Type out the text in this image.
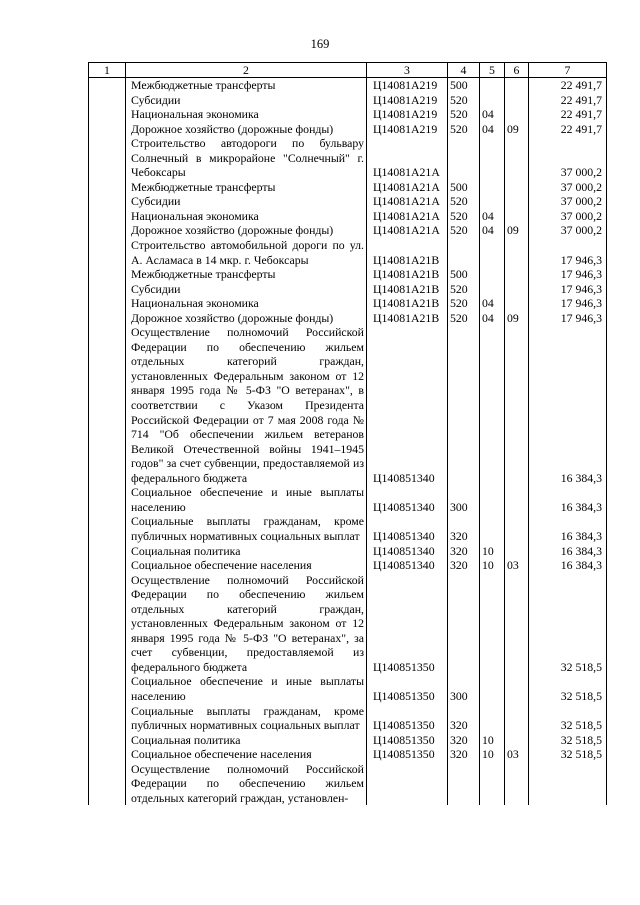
169
1	2	3	4	5	6	7
	Межбюджетные трансферты	Ц14081А219	500			22 491,7
	Субсидии	Ц14081А219	520			22 491,7
	Национальная экономика	Ц14081А219	520	04		22 491,7
	Дорожное хозяйство (дорожные фонды)	Ц14081А219	520	04	09	22 491,7
	Строительство автодороги по бульвару Солнечный в микрорайоне "Солнечный" г. Чебоксары	Ц14081А21А				37 000,2
	Межбюджетные трансферты	Ц14081А21А	500			37 000,2
	Субсидии	Ц14081А21А	520			37 000,2
	Национальная экономика	Ц14081А21А	520	04		37 000,2
	Дорожное хозяйство (дорожные фонды)	Ц14081А21А	520	04	09	37 000,2
	Строительство автомобильной дороги по ул. А. Асламаса в 14 мкр. г. Чебоксары	Ц14081А21В				17 946,3
	Межбюджетные трансферты	Ц14081А21В	500			17 946,3
	Субсидии	Ц14081А21В	520			17 946,3
	Национальная экономика	Ц14081А21В	520	04		17 946,3
	Дорожное хозяйство (дорожные фонды)	Ц14081А21В	520	04	09	17 946,3
	Осуществление полномочий Российской Федерации по обеспечению жильем отдельных категорий граждан, установленных Федеральным законом от 12 января 1995 года № 5-ФЗ "О ветеранах", в соответствии с Указом Президента Российской Федерации от 7 мая 2008 года № 714 "Об обеспечении жильем ветеранов Великой Отечественной войны 1941–1945 годов" за счет субвенции, предоставляемой из федерального бюджета	Ц140851340				16 384,3
	Социальное обеспечение и иные выплаты населению	Ц140851340	300			16 384,3
	Социальные выплаты гражданам, кроме публичных нормативных социальных выплат	Ц140851340	320			16 384,3
	Социальная политика	Ц140851340	320	10		16 384,3
	Социальное обеспечение населения	Ц140851340	320	10	03	16 384,3
	Осуществление полномочий Российской Федерации по обеспечению жильем отдельных категорий граждан, установленных Федеральным законом от 12 января 1995 года № 5-ФЗ "О ветеранах", за счет субвенции, предоставляемой из федерального бюджета	Ц140851350				32 518,5
	Социальное обеспечение и иные выплаты населению	Ц140851350	300			32 518,5
	Социальные выплаты гражданам, кроме публичных нормативных социальных выплат	Ц140851350	320			32 518,5
	Социальная политика	Ц140851350	320	10		32 518,5
	Социальное обеспечение населения	Ц140851350	320	10	03	32 518,5
	Осуществление полномочий Российской Федерации по обеспечению жильем отдельных категорий граждан, установлен-					
